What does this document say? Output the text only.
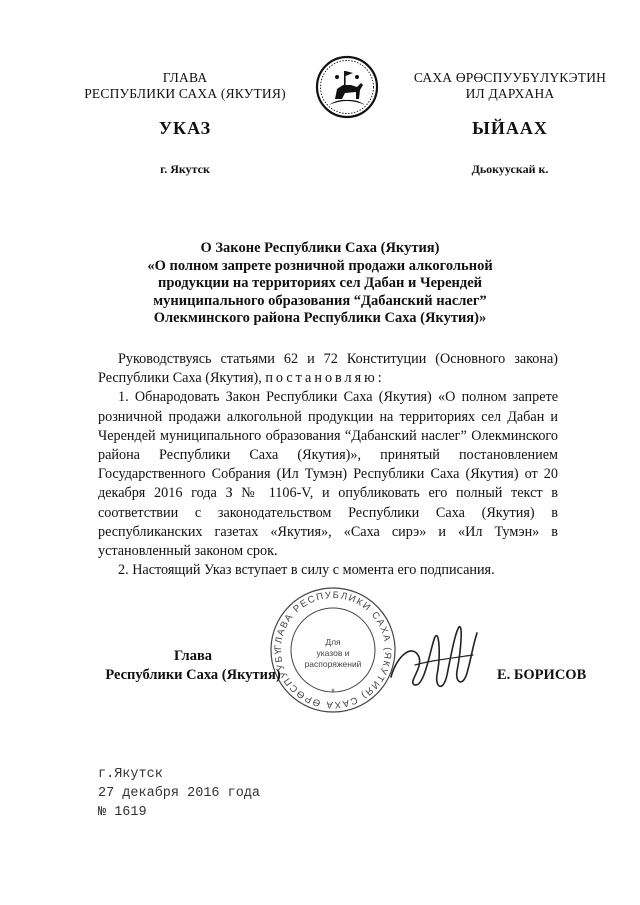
ГЛАВА
РЕСПУБЛИКИ САХА (ЯКУТИЯ)
САХА ӨРӨСПУУБҮЛҮКЭТИН
ИЛ ДАРХАНА
УКАЗ	ЫЙААХ
г. Якутск	Дьокуускай к.
О Законе Республики Саха (Якутия)
«О полном запрете розничной продажи алкогольной
продукции на территориях сел Дабан и Черендей
муниципального образования “Дабанский наслег”
Олекминского района Республики Саха (Якутия)»

Руководствуясь статьями 62 и 72 Конституции (Основного закона) Республики Саха (Якутия), постановляю:

1. Обнародовать Закон Республики Саха (Якутия) «О полном запрете розничной продажи алкогольной продукции на территориях сел Дабан и Черендей муниципального образования “Дабанский наслег” Олекминского района Республики Саха (Якутия)», принятый постановлением Государственного Собрания (Ил Тумэн) Республики Саха (Якутия) от 20 декабря 2016 года З № 1106-V, и опубликовать его полный текст в соответствии с законодательством Республики Саха (Якутия) в республиканских газетах «Якутия», «Саха сирэ» и «Ил Тумэн» в установленный законом срок.

2. Настоящий Указ вступает в силу с момента его подписания.

ГЛАВА РЕСПУБЛИКИ САХА (ЯКУТИЯ) САХА ӨРӨСПУУБҮ
Для
указов и
распоряжений
*
Глава
Республики Саха (Якутия)	Е. БОРИСОВ
г.Якутск
27 декабря 2016 года
№ 1619
